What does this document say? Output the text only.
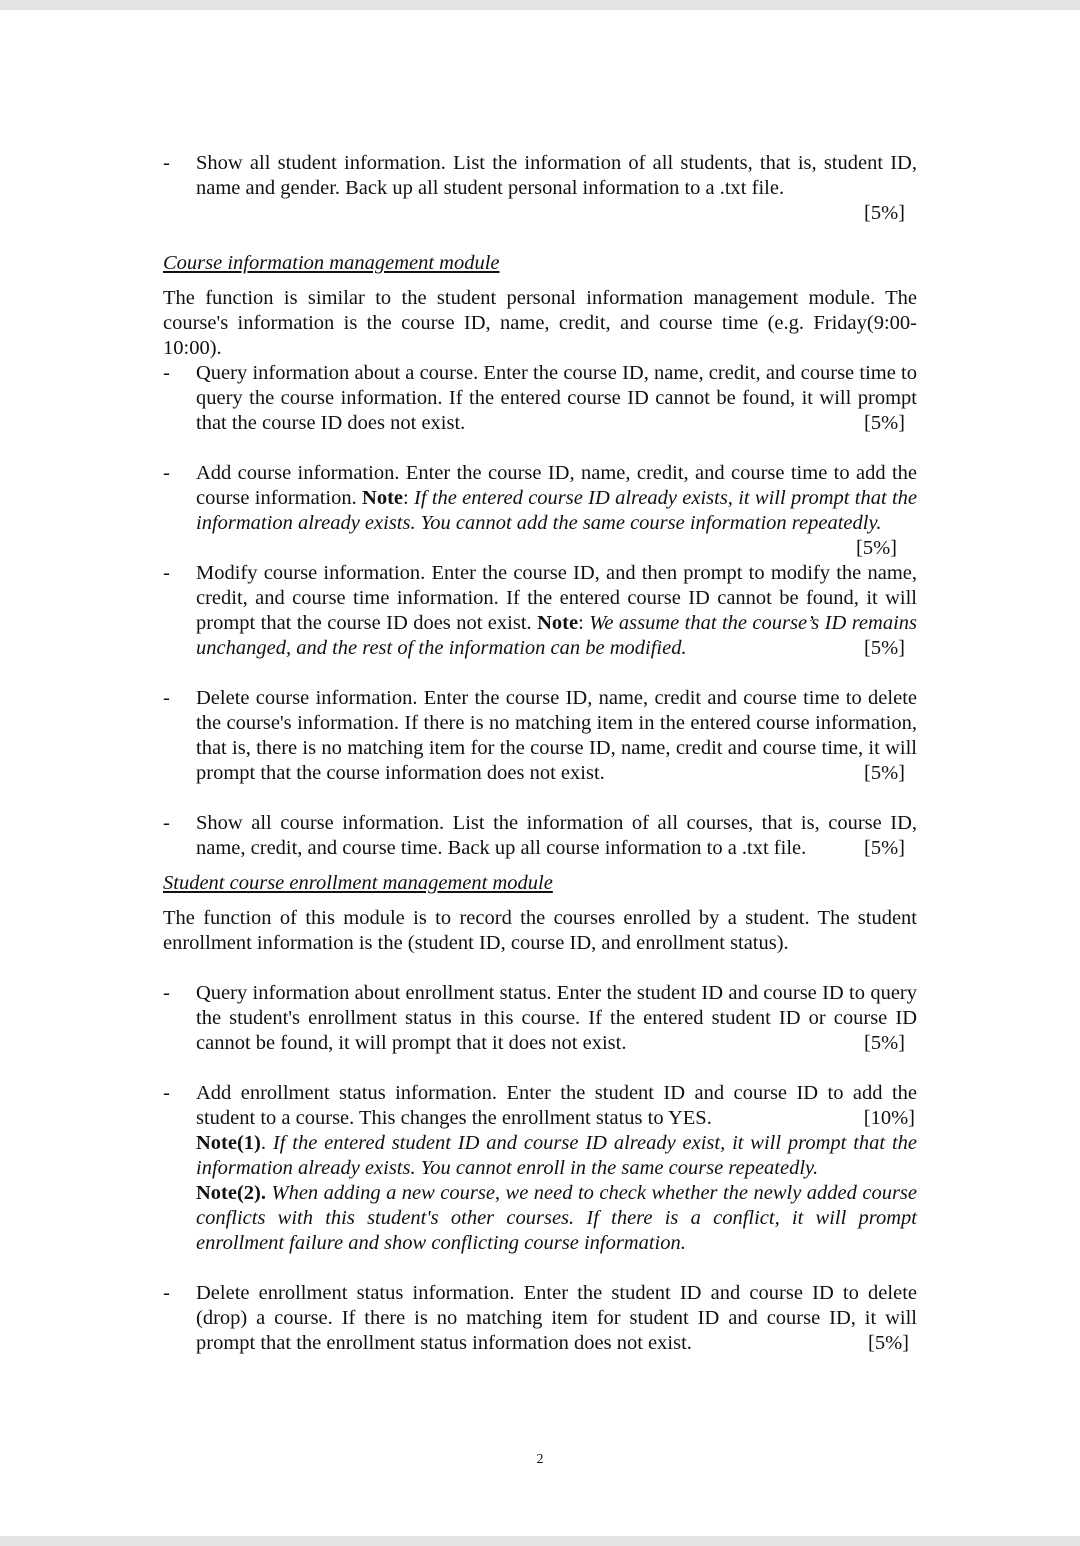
- Show all student information. List the information of all students, that is, student ID, name and gender. Back up all student personal information to a .txt file.
[5%]
Course information management module
The function is similar to the student personal information management module. The course's information is the course ID, name, credit, and course time (e.g. Friday(9:00-10:00).
- Query information about a course. Enter the course ID, name, credit, and course time to query the course information. If the entered course ID cannot be found, it will prompt that the course ID does not exist.	[5%]
- Add course information. Enter the course ID, name, credit, and course time to add the course information. Note: If the entered course ID already exists, it will prompt that the information already exists. You cannot add the same course information repeatedly.
[5%]
- Modify course information. Enter the course ID, and then prompt to modify the name, credit, and course time information. If the entered course ID cannot be found, it will prompt that the course ID does not exist. Note: We assume that the course’s ID remains unchanged, and the rest of the information can be modified.	[5%]
- Delete course information. Enter the course ID, name, credit and course time to delete the course's information. If there is no matching item in the entered course information, that is, there is no matching item for the course ID, name, credit and course time, it will prompt that the course information does not exist.	[5%]
- Show all course information. List the information of all courses, that is, course ID, name, credit, and course time. Back up all course information to a .txt file.	[5%]
Student course enrollment management module
The function of this module is to record the courses enrolled by a student. The student enrollment information is the (student ID, course ID, and enrollment status).
- Query information about enrollment status. Enter the student ID and course ID to query the student's enrollment status in this course. If the entered student ID or course ID cannot be found, it will prompt that it does not exist.	[5%]
- Add enrollment status information. Enter the student ID and course ID to add the student to a course. This changes the enrollment status to YES.	[10%]
Note(1). If the entered student ID and course ID already exist, it will prompt that the information already exists. You cannot enroll in the same course repeatedly.
Note(2). When adding a new course, we need to check whether the newly added course conflicts with this student's other courses. If there is a conflict, it will prompt enrollment failure and show conflicting course information.
- Delete enrollment status information. Enter the student ID and course ID to delete (drop) a course. If there is no matching item for student ID and course ID, it will prompt that the enrollment status information does not exist.	[5%]
2
